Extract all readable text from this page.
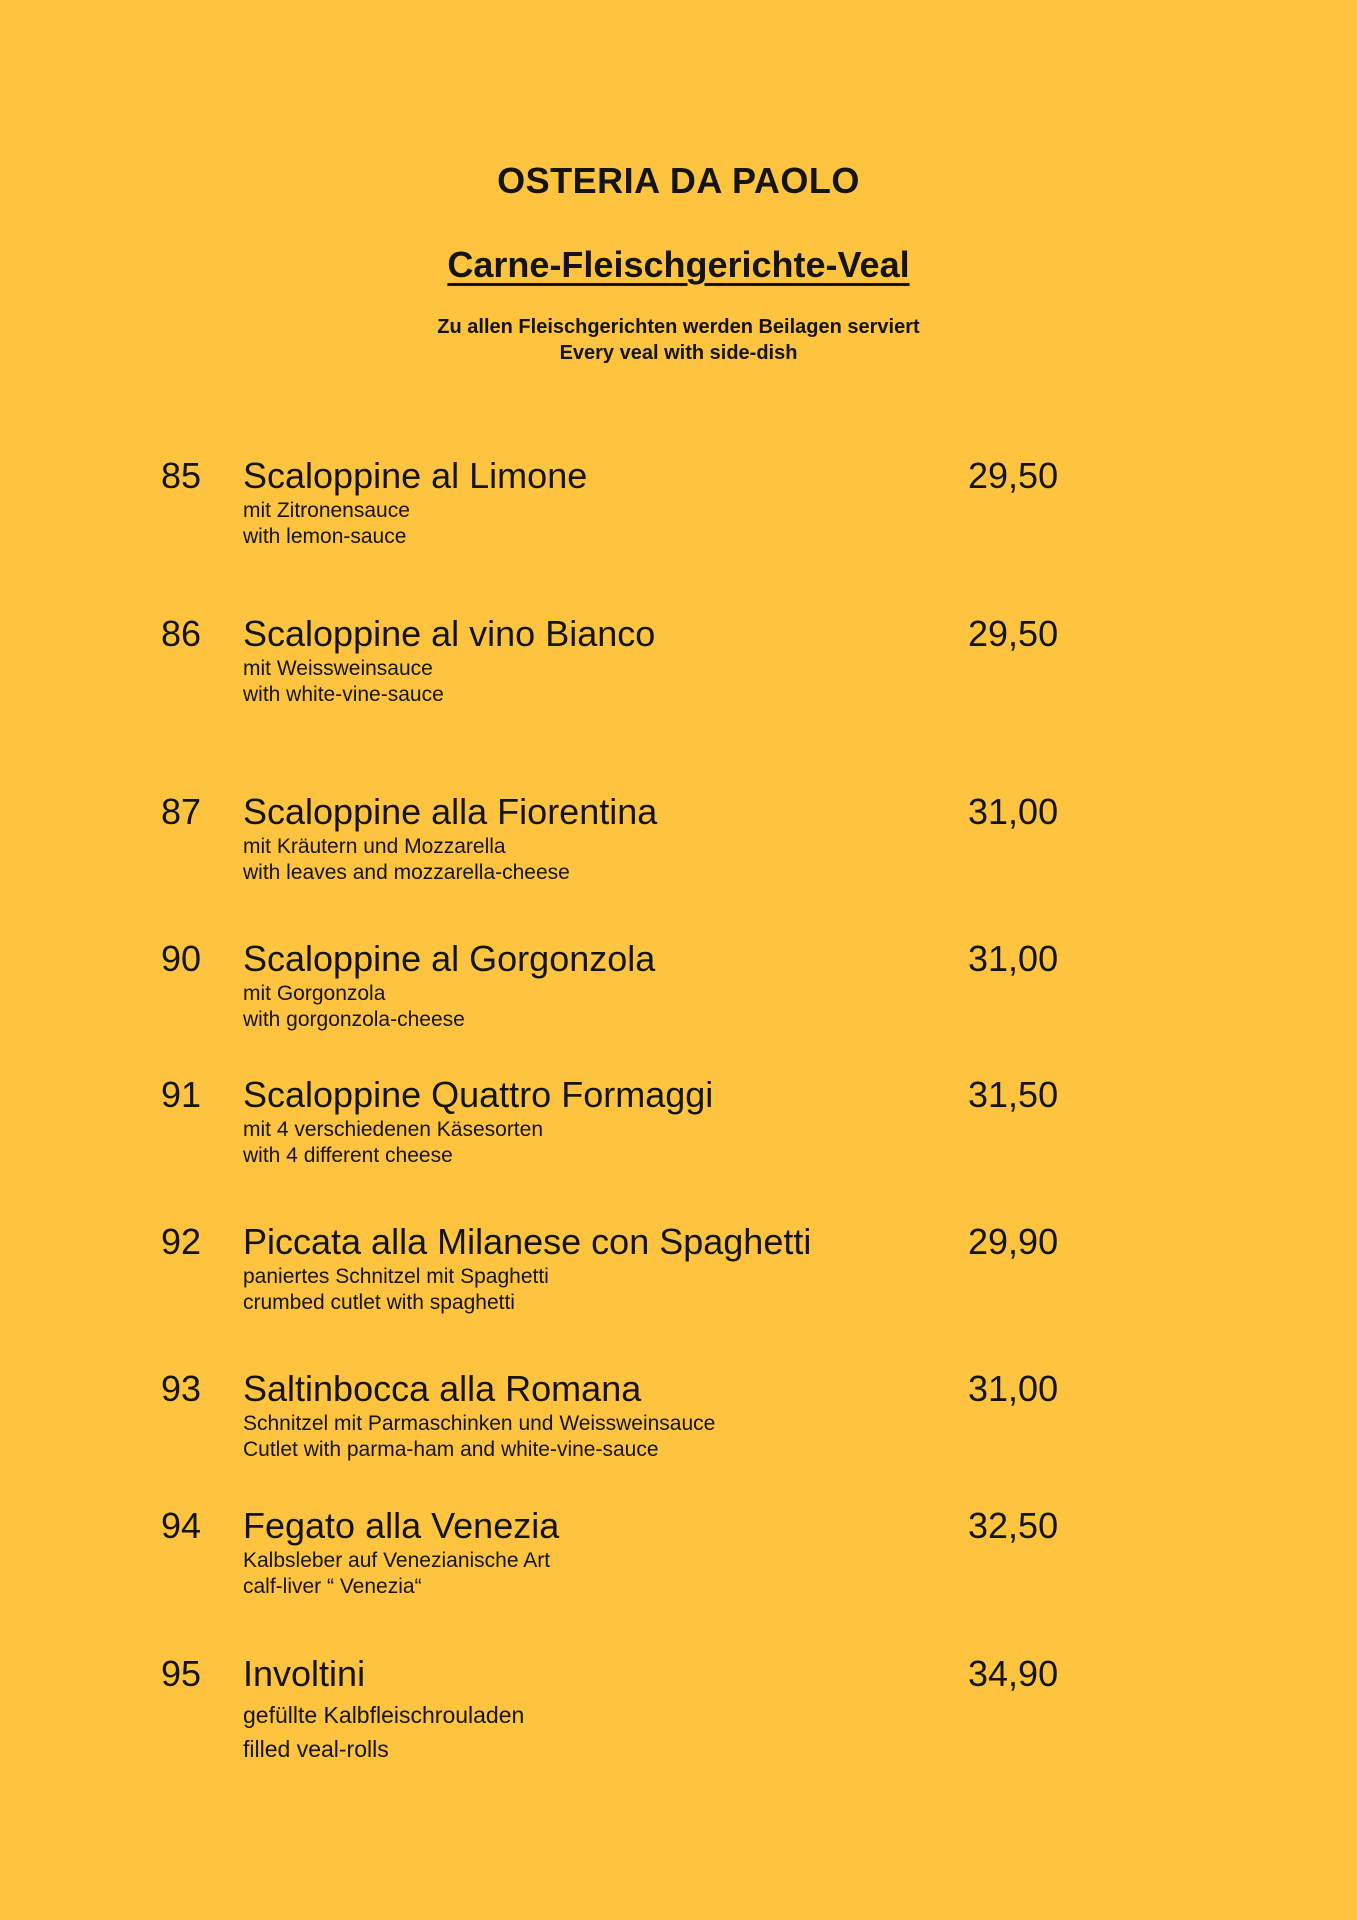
OSTERIA DA PAOLO
Carne-Fleischgerichte-Veal
Zu allen Fleischgerichten werden Beilagen serviert
Every veal with side-dish
85 Scaloppine al Limone	29,50
mit Zitronensauce
with lemon-sauce
86 Scaloppine al vino Bianco	29,50
mit Weissweinsauce
with white-vine-sauce
87 Scaloppine alla Fiorentina	31,00
mit Kräutern und Mozzarella
with leaves and mozzarella-cheese
90 Scaloppine al Gorgonzola	31,00
mit Gorgonzola
with gorgonzola-cheese
91 Scaloppine Quattro Formaggi	31,50
mit 4 verschiedenen Käsesorten
with 4 different cheese
92 Piccata alla Milanese con Spaghetti	29,90
paniertes Schnitzel mit Spaghetti
crumbed cutlet with spaghetti
93 Saltinbocca alla Romana	31,00
Schnitzel mit Parmaschinken und Weissweinsauce
Cutlet with parma-ham and white-vine-sauce
94 Fegato alla Venezia	32,50
Kalbsleber auf Venezianische Art
calf-liver “ Venezia“
95 Involtini	34,90
gefüllte Kalbfleischrouladen
filled veal-rolls
